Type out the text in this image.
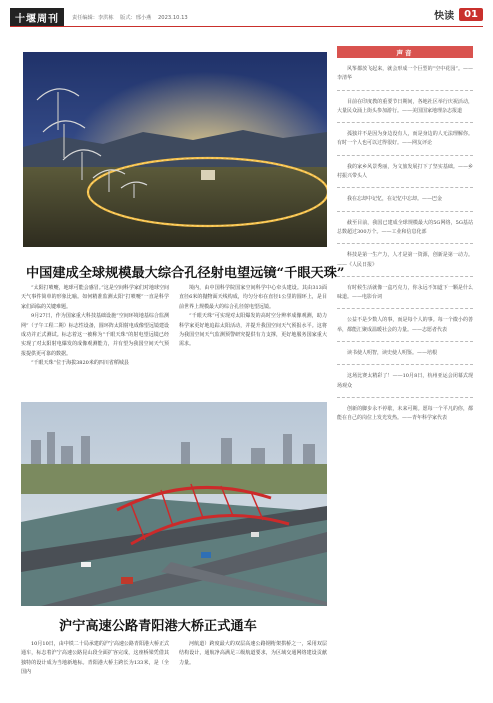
十堰周刊	责任编辑：李洪栋 版式：邢小燕 2023.10.13	快读	01
中国建成全球规模最大综合孔径射电望远镜“千眼天珠”

“太阳打喷嚏，地球可能会感冒。”这是空间科学家们对地球空间天气事件简单的形象比喻。如何精准监测太阳“打喷嚏”一直是科学家们面临的关键难题。

9月27日，作为国家重大科技基础设施“空间环境地基综合监测网”（子午工程二期）标志性设备，圆环阵太阳射电成像望远镜建设成功并正式测试。标志着这一被称为“千眼天珠”的射电望远镜已经实现了对太阳射电爆发的成像观测能力，并有望为我国空间天气预报提供更可靠的数据。

“千眼天珠”位于海拔3820米的四川省稻城县

境内，由中国科学院国家空间科学中心牵头建设。其由313面直径6米的抛物面天线构成，均匀分布在直径1公里的圆环上，是目前世界上规模最大的综合孔径射电望远镜。

“千眼天珠”可实现对太阳爆发的高时空分辨率成像观测，助力科学家更好地追踪太阳活动，并提升我国空间天气预报水平。这将为我国空间天气监测预警研究提供有力支撑，更好地服务国家重大需求。

沪宁高速公路青阳港大桥正式通车

10月10日，由中铁二十局承建的沪宁高速公路青阳港大桥正式通车，标志着沪宁高速公路昆山段全面扩容完成，这座桥梁凭借其独特的设计成为当地新地标。青阳港大桥主跨长为133米，是（全国内

河航道）跨度最大的双层高速公路钢桁架拱桥之一，采用双层结构设计，通航净高满足三级航道要求，为区域交通网络建设贡献力量。

声音
风筝都放飞起来，就会形成一个巨型的“空中花园”。——李清华
目前在印度教的重要节日期间，各地社区举行庆祝活动，大量民众涌上街头参加游行。——美国国家地理杂志报道
孤独并不是因为身边没有人，而是身边的人无法理解你。有时一个人也可以过得很好。——网友评论
我的家乡风景秀丽，为文旅发展打下了坚实基础。——乡村振兴带头人
我在忘却中记忆，在记忆中忘却。——巴金
截至目前，我国已建成全球规模最大的5G网络，5G基站总数超过300万个。——工业和信息化部
科技是第一生产力，人才是第一资源，创新是第一动力。——《人民日报》
有时候生活就像一盒巧克力，你永远不知道下一颗是什么味道。——电影台词
公益不是少数人的事，而是每个人的事。每一个微小的善举，都能汇聚成温暖社会的力量。——志愿者代表
读书使人明智，读史使人明鉴。——培根
这场比赛太精彩了！——10月8日，杭州亚运会闭幕式现场观众
创新的脚步永不停歇，未来可期。愿每一个平凡的你，都能在自己的岗位上发光发热。——青年科学家代表
